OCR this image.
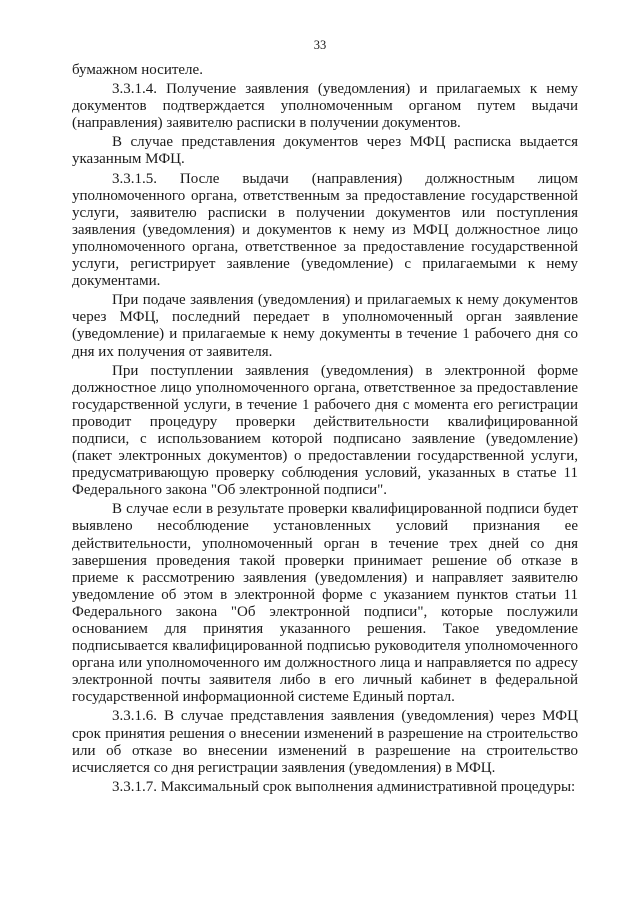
33

бумажном носителе.

3.3.1.4. Получение заявления (уведомления) и прилагаемых к нему документов подтверждается уполномоченным органом путем выдачи (направления) заявителю расписки в получении документов.

В случае представления документов через МФЦ расписка выдается указанным МФЦ.

3.3.1.5. После выдачи (направления) должностным лицом уполномоченного органа, ответственным за предоставление государственной услуги, заявителю расписки в получении документов или поступления заявления (уведомления) и документов к нему из МФЦ должностное лицо уполномоченного органа, ответственное за предоставление государственной услуги, регистрирует заявление (уведомление) с прилагаемыми к нему документами.

При подаче заявления (уведомления) и прилагаемых к нему документов через МФЦ, последний передает в уполномоченный орган заявление (уведомление) и прилагаемые к нему документы в течение 1 рабочего дня со дня их получения от заявителя.

При поступлении заявления (уведомления) в электронной форме должностное лицо уполномоченного органа, ответственное за предоставление государственной услуги, в течение 1 рабочего дня с момента его регистрации проводит процедуру проверки действительности квалифицированной подписи, с использованием которой подписано заявление (уведомление) (пакет электронных документов) о предоставлении государственной услуги, предусматривающую проверку соблюдения условий, указанных в статье 11 Федерального закона "Об электронной подписи".

В случае если в результате проверки квалифицированной подписи будет выявлено несоблюдение установленных условий признания ее действительности, уполномоченный орган в течение трех дней со дня завершения проведения такой проверки принимает решение об отказе в приеме к рассмотрению заявления (уведомления) и направляет заявителю уведомление об этом в электронной форме с указанием пунктов статьи 11 Федерального закона "Об электронной подписи", которые послужили основанием для принятия указанного решения. Такое уведомление подписывается квалифицированной подписью руководителя уполномоченного органа или уполномоченного им должностного лица и направляется по адресу электронной почты заявителя либо в его личный кабинет в федеральной государственной информационной системе Единый портал.

3.3.1.6. В случае представления заявления (уведомления) через МФЦ срок принятия решения о внесении изменений в разрешение на строительство или об отказе во внесении изменений в разрешение на строительство исчисляется со дня регистрации заявления (уведомления) в МФЦ.

3.3.1.7. Максимальный срок выполнения административной процедуры:
